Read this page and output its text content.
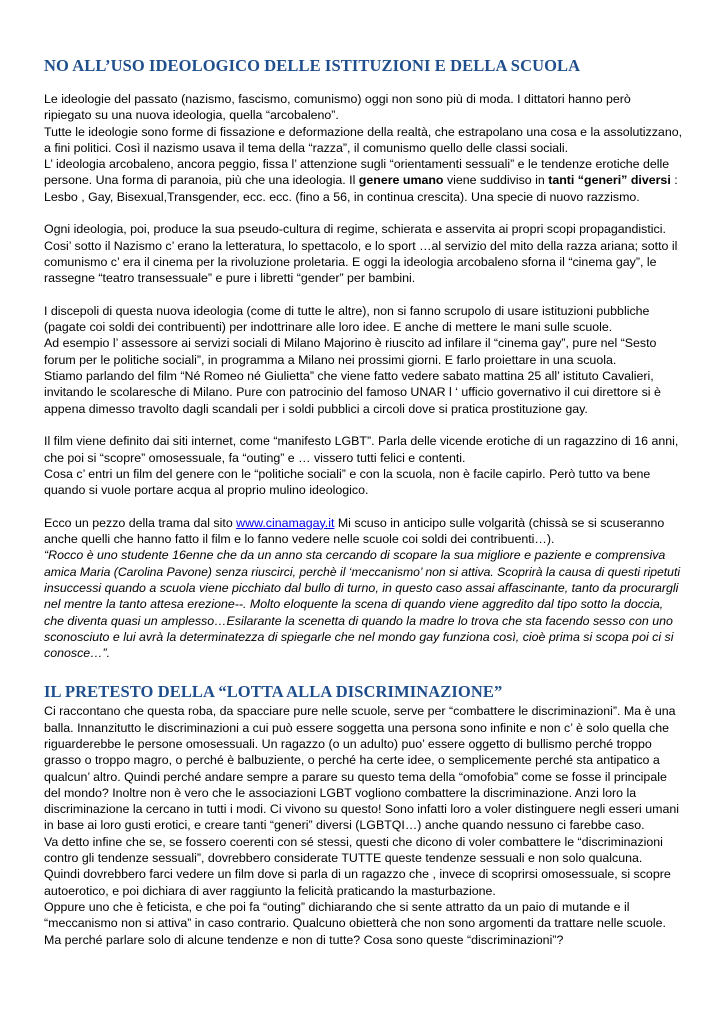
NO ALL’USO IDEOLOGICO DELLE ISTITUZIONI E DELLA SCUOLA
Le ideologie del passato (nazismo, fascismo, comunismo) oggi non sono più di moda. I dittatori hanno però
ripiegato su una nuova ideologia, quella “arcobaleno”.
Tutte le ideologie sono forme di fissazione e deformazione della realtà, che estrapolano una cosa e la assolutizzano,
a fini politici. Così il nazismo usava il tema della “razza”, il comunismo quello delle classi sociali.
L’ ideologia arcobaleno, ancora peggio, fissa l’ attenzione sugli “orientamenti sessuali” e le tendenze erotiche delle
persone. Una forma di paranoia, più che una ideologia. Il genere umano viene suddiviso in tanti “generi” diversi :
Lesbo , Gay, Bisexual,Transgender, ecc. ecc. (fino a 56, in continua crescita). Una specie di nuovo razzismo.
Ogni ideologia, poi, produce la sua pseudo-cultura di regime, schierata e asservita ai propri scopi propagandistici.
Cosi’ sotto il Nazismo c’ erano la letteratura, lo spettacolo, e lo sport …al servizio del mito della razza ariana; sotto il
comunismo c’ era il cinema per la rivoluzione proletaria. E oggi la ideologia arcobaleno sforna il “cinema gay”, le
rassegne “teatro transessuale” e pure i libretti “gender” per bambini.
I discepoli di questa nuova ideologia (come di tutte le altre), non si fanno scrupolo di usare istituzioni pubbliche
(pagate coi soldi dei contribuenti) per indottrinare alle loro idee. E anche di mettere le mani sulle scuole.
Ad esempio l’ assessore ai servizi sociali di Milano Majorino è riuscito ad infilare il “cinema gay”, pure nel “Sesto
forum per le politiche sociali”, in programma a Milano nei prossimi giorni. E farlo proiettare in una scuola.
Stiamo parlando del film “Né Romeo né Giulietta” che viene fatto vedere sabato mattina 25 all’ istituto Cavalieri,
invitando le scolaresche di Milano. Pure con patrocinio del famoso UNAR l ‘ ufficio governativo il cui direttore si è
appena dimesso travolto dagli scandali per i soldi pubblici a circoli dove si pratica prostituzione gay.
Il film viene definito dai siti internet, come “manifesto LGBT”. Parla delle vicende erotiche di un ragazzino di 16 anni,
che poi si “scopre” omosessuale, fa “outing” e … vissero tutti felici e contenti.
Cosa c’ entri un film del genere con le “politiche sociali” e con la scuola, non è facile capirlo. Però tutto va bene
quando si vuole portare acqua al proprio mulino ideologico.
Ecco un pezzo della trama dal sito www.cinamagay.it Mi scuso in anticipo sulle volgarità (chissà se si scuseranno
anche quelli che hanno fatto il film e lo fanno vedere nelle scuole coi soldi dei contribuenti…).
“Rocco è uno studente 16enne che da un anno sta cercando di scopare la sua migliore e paziente e comprensiva
amica Maria (Carolina Pavone) senza riuscirci, perchè il ‘meccanismo’ non si attiva. Scoprirà la causa di questi ripetuti
insuccessi quando a scuola viene picchiato dal bullo di turno, in questo caso assai affascinante, tanto da procurargli
nel mentre la tanto attesa erezione--. Molto eloquente la scena di quando viene aggredito dal tipo sotto la doccia,
che diventa quasi un amplesso…Esilarante la scenetta di quando la madre lo trova che sta facendo sesso con uno
sconosciuto e lui avrà la determinatezza di spiegarle che nel mondo gay funziona così, cioè prima si scopa poi ci si
conosce…”.
IL PRETESTO DELLA “LOTTA ALLA DISCRIMINAZIONE”
Ci raccontano che questa roba, da spacciare pure nelle scuole, serve per “combattere le discriminazioni”. Ma è una
balla. Innanzitutto le discriminazioni a cui può essere soggetta una persona sono infinite e non c’ è solo quella che
riguarderebbe le persone omosessuali. Un ragazzo (o un adulto) puo’ essere oggetto di bullismo perché troppo
grasso o troppo magro, o perché è balbuziente, o perché ha certe idee, o semplicemente perché sta antipatico a
qualcun’ altro. Quindi perché andare sempre a parare su questo tema della “omofobia” come se fosse il principale
del mondo? Inoltre non è vero che le associazioni LGBT vogliono combattere la discriminazione. Anzi loro la
discriminazione la cercano in tutti i modi. Ci vivono su questo! Sono infatti loro a voler distinguere negli esseri umani
in base ai loro gusti erotici, e creare tanti “generi” diversi (LGBTQI…) anche quando nessuno ci farebbe caso.
Va detto infine che se, se fossero coerenti con sé stessi, questi che dicono di voler combattere le “discriminazioni
contro gli tendenze sessuali”, dovrebbero considerate TUTTE queste tendenze sessuali e non solo qualcuna.
Quindi dovrebbero farci vedere un film dove si parla di un ragazzo che , invece di scoprirsi omosessuale, si scopre
autoerotico, e poi dichiara di aver raggiunto la felicità praticando la masturbazione.
Oppure uno che è feticista, e che poi fa “outing” dichiarando che si sente attratto da un paio di mutande e il
“meccanismo non si attiva” in caso contrario. Qualcuno obietterà che non sono argomenti da trattare nelle scuole.
Ma perché parlare solo di alcune tendenze e non di tutte? Cosa sono queste “discriminazioni”?
